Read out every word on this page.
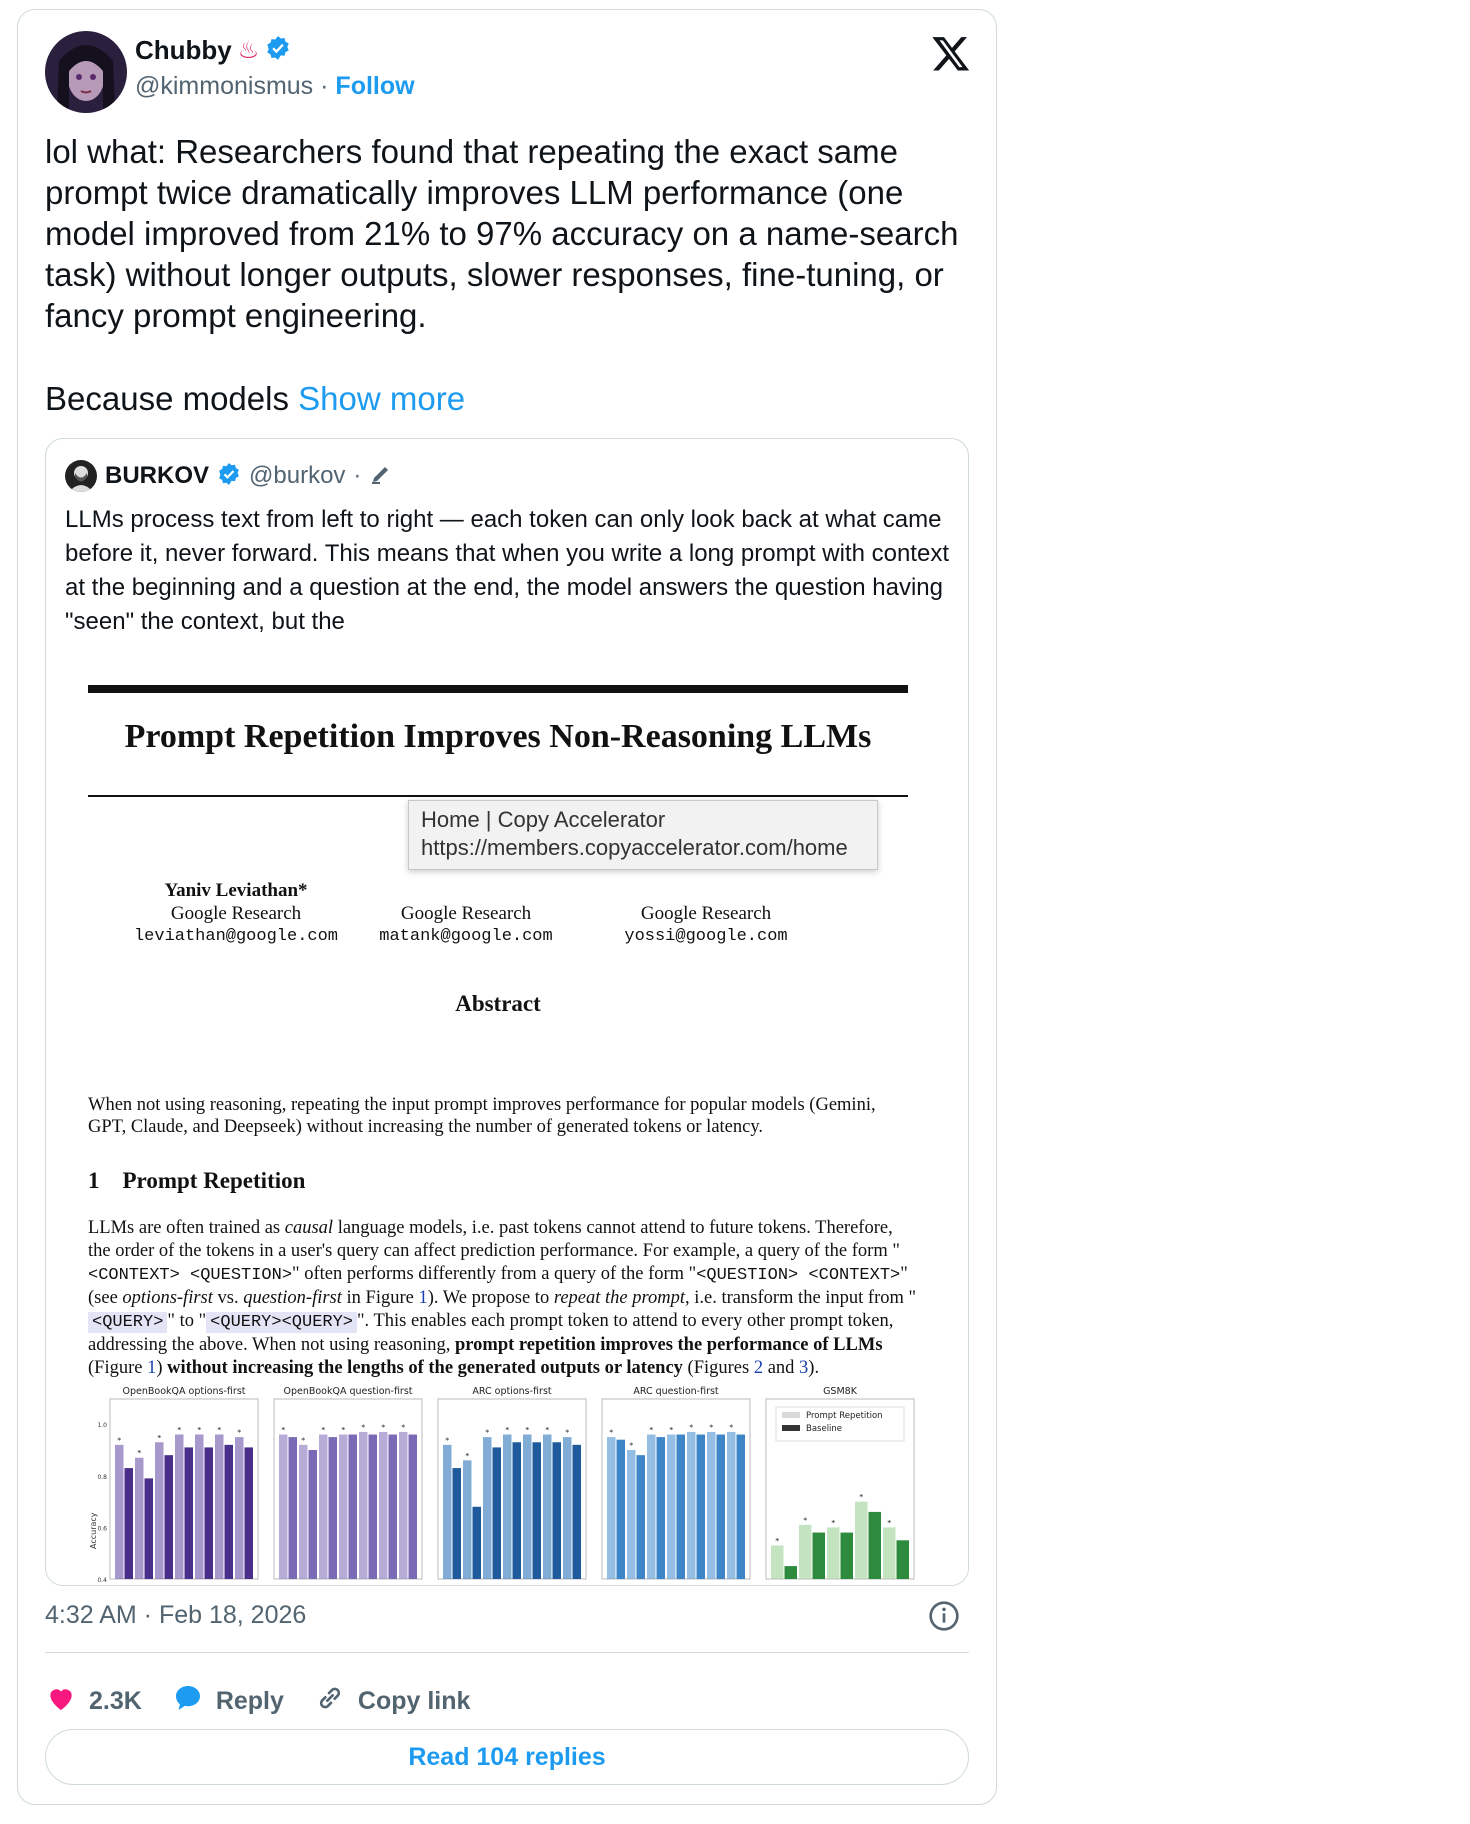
Chubby ♨
@kimmonismus · Follow
lol what: Researchers found that repeating the exact same prompt twice dramatically improves LLM performance (one model improved from 21% to 97% accuracy on a name-search task) without longer outputs, slower responses, fine-tuning, or fancy prompt engineering.
Because models Show more
BURKOV @burkov ·
LLMs process text from left to right — each token can only look back at what came before it, never forward. This means that when you write a long prompt with context at the beginning and a question at the end, the model answers the question having "seen" the context, but the
Prompt Repetition Improves Non-Reasoning LLMs
Yaniv Leviathan*
Google Research
leviathan@google.com
Google Research
matank@google.com
Google Research
yossi@google.com
Abstract
When not using reasoning, repeating the input prompt improves performance for popular models (Gemini, GPT, Claude, and Deepseek) without increasing the number of generated tokens or latency.
1 Prompt Repetition
LLMs are often trained as causal language models, i.e. past tokens cannot attend to future tokens. Therefore, the order of the tokens in a user's query can affect prediction performance. For example, a query of the form "<CONTEXT> <QUESTION>" often performs differently from a query of the form "<QUESTION> <CONTEXT>" (see options-first vs. question-first in Figure 1). We propose to repeat the prompt, i.e. transform the input from "<QUERY> " to " <QUERY><QUERY> ". This enables each prompt token to attend to every other prompt token, addressing the above. When not using reasoning, prompt repetition improves the performance of LLMs (Figure 1) without increasing the lengths of the generated outputs or latency (Figures 2 and 3).
OpenBookQA options-first
Accuracy
1.0
0.8
0.6
0.4
*
*
*
* * * *
OpenBookQA question-first
*
*
* * * * *
ARC options-first
*
*
* * * * *
ARC question-first
*
*
* * * * *
GSM8K
*
*	*
*
*
Prompt Repetition
Baseline
4:32 AM · Feb 18, 2026
2.3K	Reply	Copy link
Read 104 replies
Home | Copy Accelerator
https://members.copyaccelerator.com/home
